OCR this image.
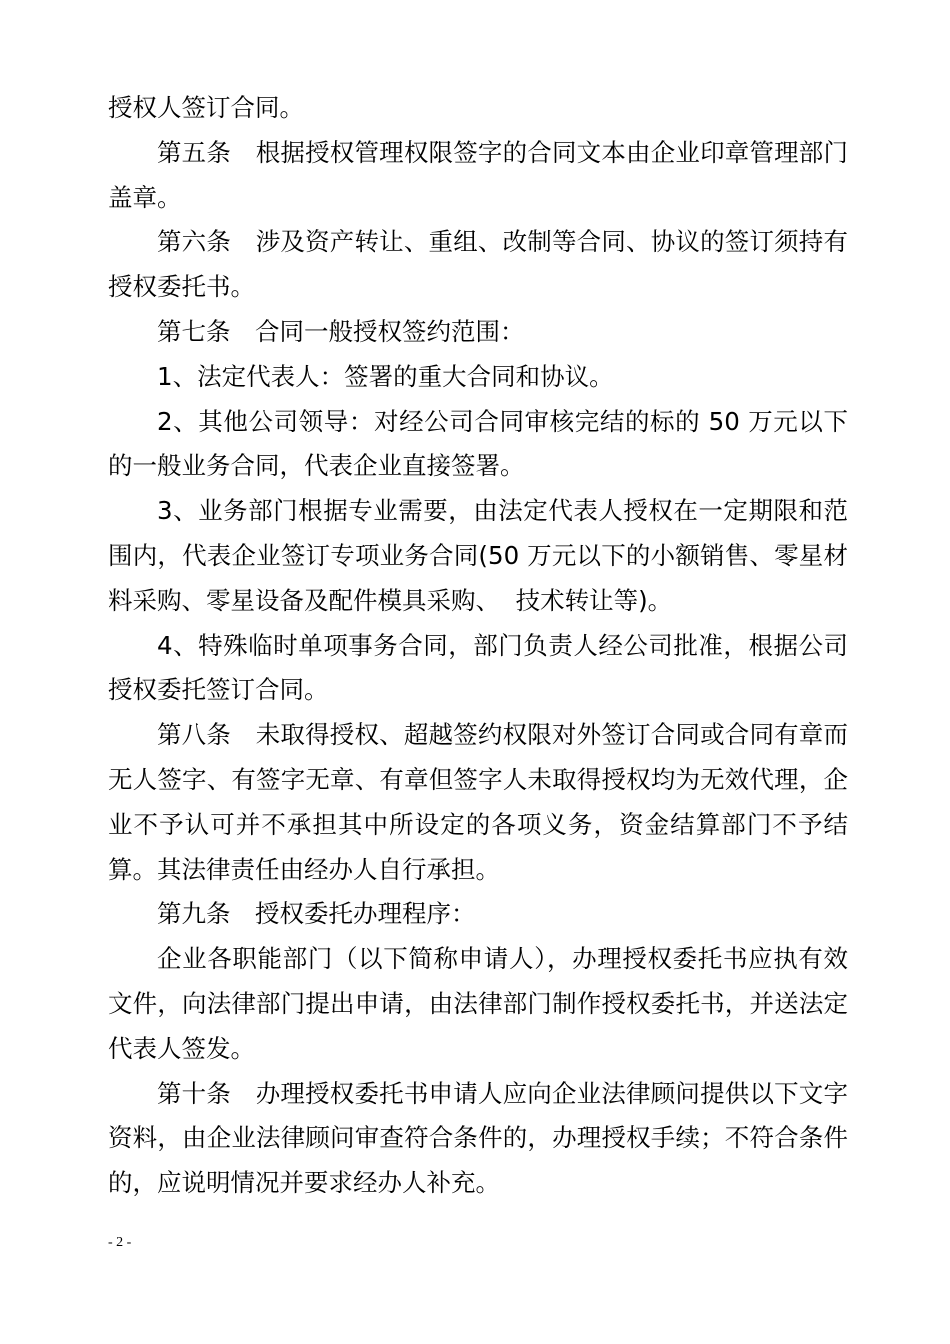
授权人签订合同。

第五条　根据授权管理权限签字的合同文本由企业印章管理部门盖章。

第六条　涉及资产转让、重组、改制等合同、协议的签订须持有授权委托书。

第七条　合同一般授权签约范围：

1、法定代表人：签署的重大合同和协议。

2、其他公司领导：对经公司合同审核完结的标的 50 万元以下的一般业务合同，代表企业直接签署。

3、业务部门根据专业需要，由法定代表人授权在一定期限和范围内，代表企业签订专项业务合同(50 万元以下的小额销售、零星材料采购、零星设备及配件模具采购、  技术转让等)。

4、特殊临时单项事务合同，部门负责人经公司批准，根据公司授权委托签订合同。

第八条　未取得授权、超越签约权限对外签订合同或合同有章而无人签字、有签字无章、有章但签字人未取得授权均为无效代理，企业不予认可并不承担其中所设定的各项义务，资金结算部门不予结算。其法律责任由经办人自行承担。

第九条　授权委托办理程序：

企业各职能部门（以下简称申请人），办理授权委托书应执有效文件，向法律部门提出申请，由法律部门制作授权委托书，并送法定代表人签发。

第十条　办理授权委托书申请人应向企业法律顾问提供以下文字资料，由企业法律顾问审查符合条件的，办理授权手续；不符合条件的，应说明情况并要求经办人补充。

- 2 -
